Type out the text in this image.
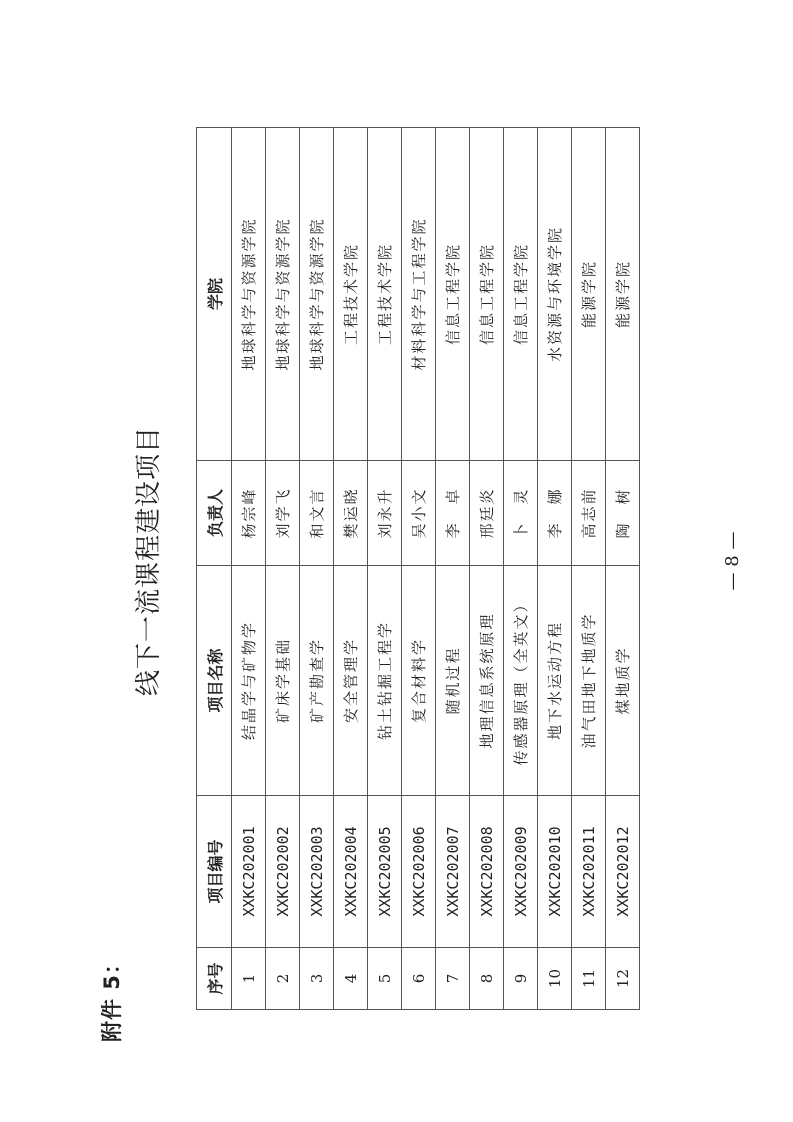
附件 5：
线下一流课程建设项目
序号	项目编号	项目名称	负责人	学院
1	XXKC202001	结晶学与矿物学	杨宗峰	地球科学与资源学院
2	XXKC202002	矿床学基础	刘学飞	地球科学与资源学院
3	XXKC202003	矿产勘查学	和文言	地球科学与资源学院
4	XXKC202004	安全管理学	樊运晓	工程技术学院
5	XXKC202005	钻土钻掘工程学	刘永升	工程技术学院
6	XXKC202006	复合材料学	吴小文	材料科学与工程学院
7	XXKC202007	随机过程	李　卓	信息工程学院
8	XXKC202008	地理信息系统原理	邢廷炎	信息工程学院
9	XXKC202009	传感器原理（全英文）	卜　灵	信息工程学院
10	XXKC202010	地下水运动方程	李　娜	水资源与环境学院
11	XXKC202011	油气田地下地质学	高志前	能源学院
12	XXKC202012	煤地质学	陶　树	能源学院
— 8 —
